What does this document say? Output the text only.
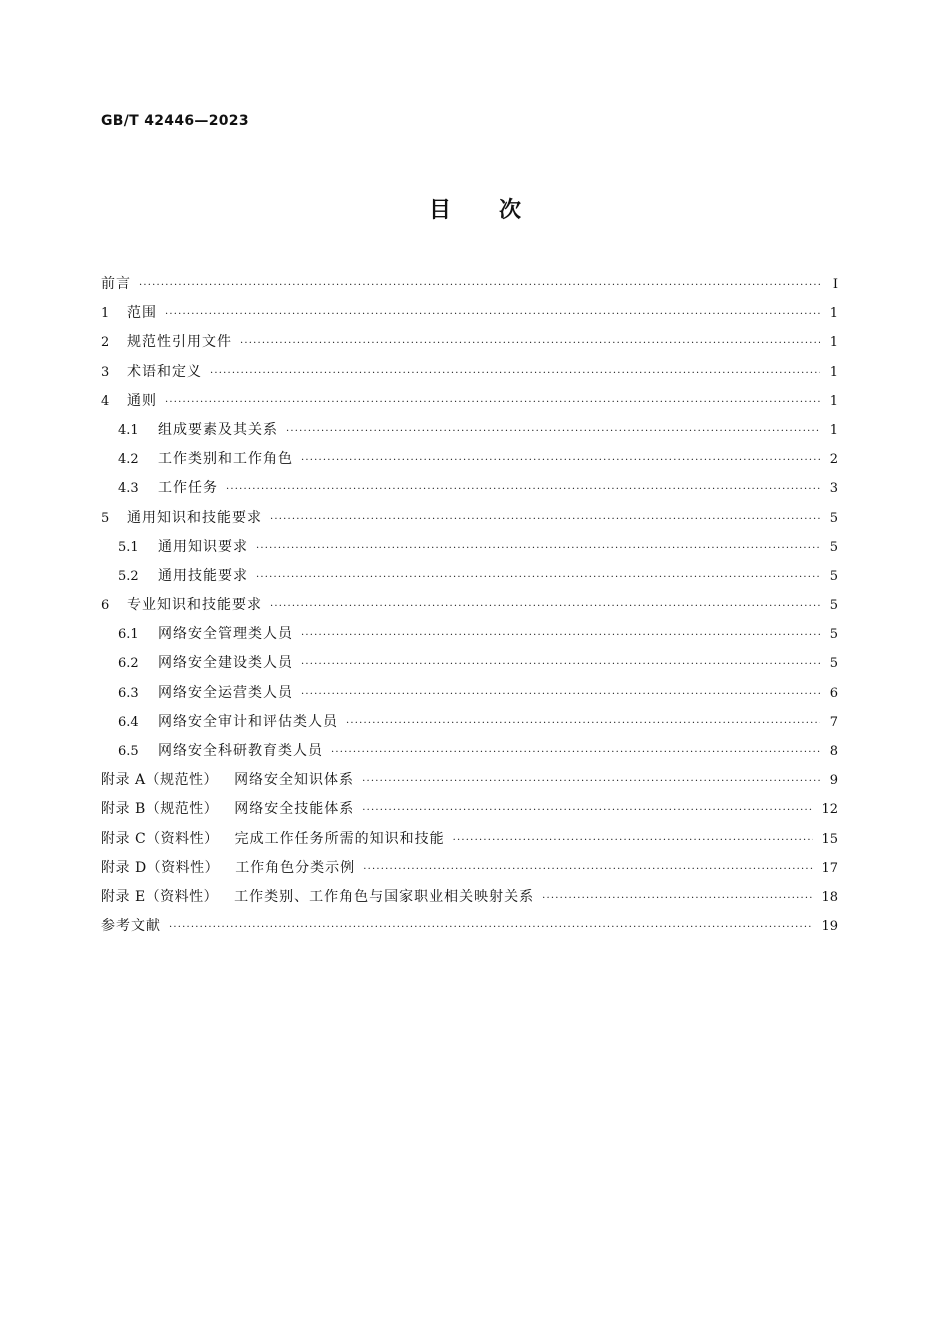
GB/T 42446—2023
目 次
前言 ·····	Ⅰ
1	范围 ·····	1
2	规范性引用文件 ·····	1
3	术语和定义 ·····	1
4	通则 ·····	1
4.1	组成要素及其关系 ·····	1
4.2	工作类别和工作角色 ·····	2
4.3	工作任务 ·····	3
5	通用知识和技能要求 ·····	5
5.1	通用知识要求 ·····	5
5.2	通用技能要求 ·····	5
6	专业知识和技能要求 ·····	5
6.1	网络安全管理类人员 ·····	5
6.2	网络安全建设类人员 ·····	5
6.3	网络安全运营类人员 ·····	6
6.4	网络安全审计和评估类人员 ·····	7
6.5	网络安全科研教育类人员 ·····	8
附录 A（规范性） 网络安全知识体系 ·····	9
附录 B（规范性） 网络安全技能体系 ·····	12
附录 C（资料性） 完成工作任务所需的知识和技能 ·····	15
附录 D（资料性） 工作角色分类示例 ·····	17
附录 E（资料性） 工作类别、工作角色与国家职业相关映射关系 ·····	18
参考文献 ·····	19
